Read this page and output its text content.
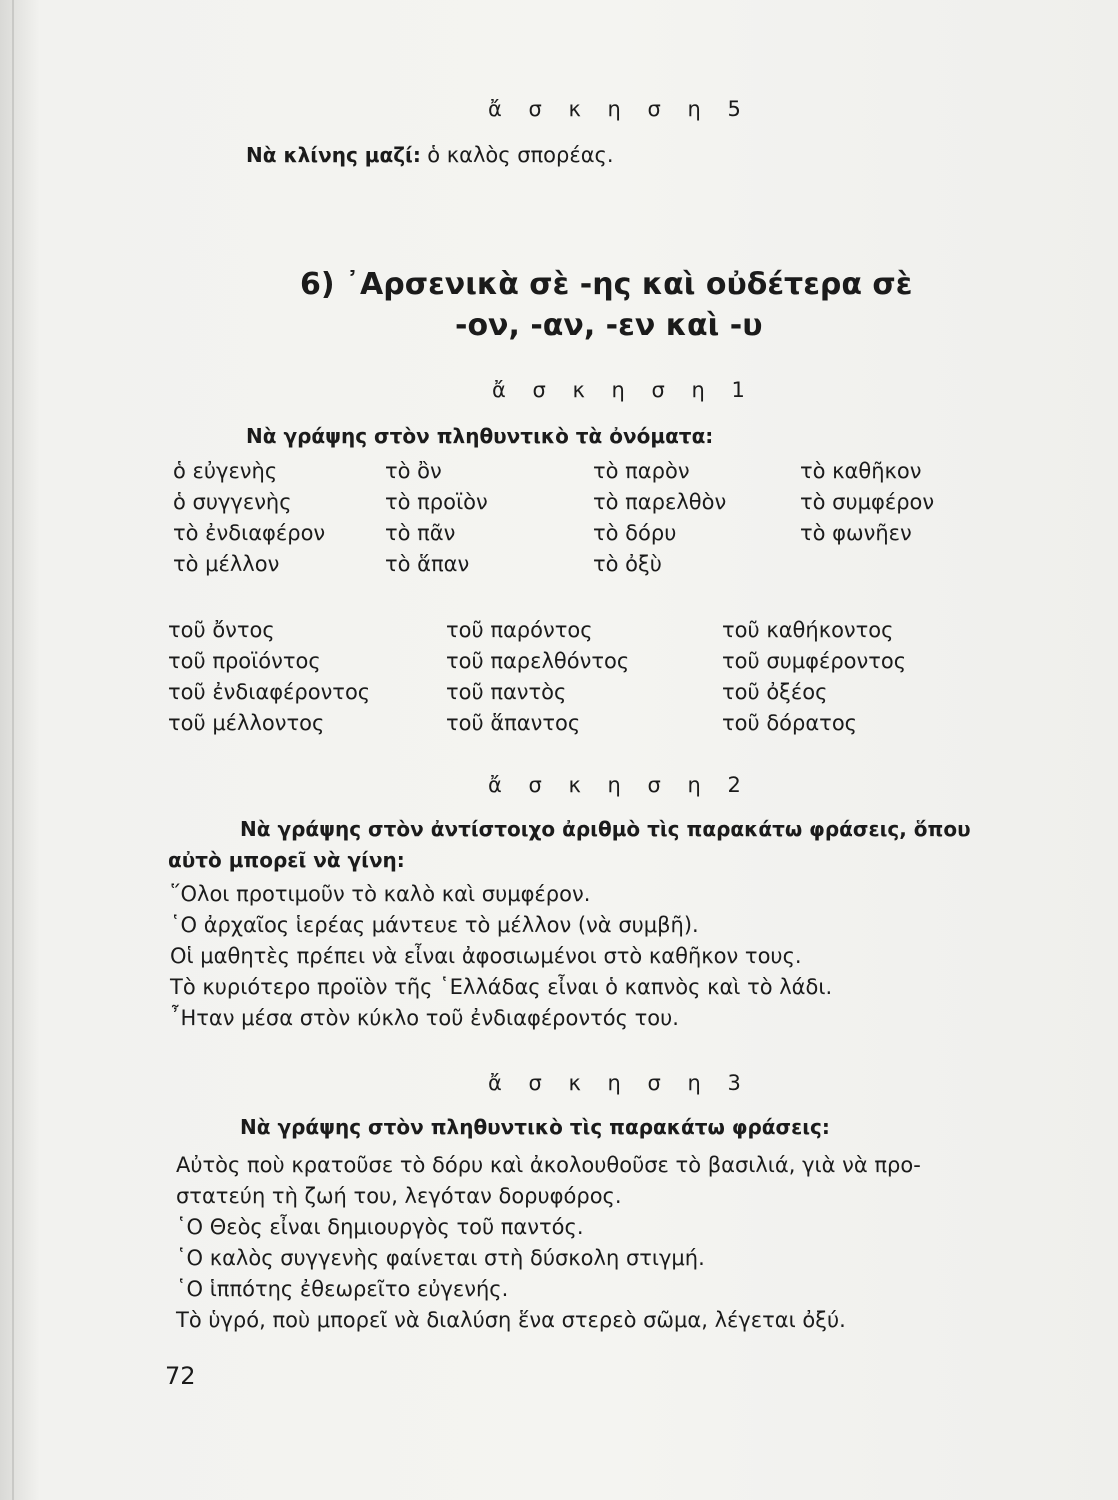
ἄ σ κ η σ η 5
Νὰ κλίνης μαζί: ὁ καλὸς σπορέας.
6) ᾿Αρσενικὰ σὲ -ης καὶ οὐδέτερα σὲ
-ον, -αν, -εν καὶ -υ
ἄ σ κ η σ η 1
Νὰ γράψης στὸν πληθυντικὸ τὰ ὀνόματα:
ὁ εὐγενὴς
ὁ συγγενὴς
τὸ ἐνδιαφέρον
τὸ μέλλον
τὸ ὂν
τὸ προϊὸν
τὸ πᾶν
τὸ ἅπαν
τὸ παρὸν
τὸ παρελθὸν
τὸ δόρυ
τὸ ὀξὺ
τὸ καθῆκον
τὸ συμφέρον
τὸ φωνῆεν
τοῦ ὄντος
τοῦ προϊόντος
τοῦ ἐνδιαφέροντος
τοῦ μέλλοντος
τοῦ παρόντος
τοῦ παρελθόντος
τοῦ παντὸς
τοῦ ἅπαντος
τοῦ καθήκοντος
τοῦ συμφέροντος
τοῦ ὀξέος
τοῦ δόρατος
ἄ σ κ η σ η 2
Νὰ γράψης στὸν ἀντίστοιχο ἀριθμὸ τὶς παρακάτω φράσεις, ὅπου
αὐτὸ μπορεῖ νὰ γίνη:
῞Ολοι προτιμοῦν τὸ καλὸ καὶ συμφέρον.
῾Ο ἀρχαῖος ἱερέας μάντευε τὸ μέλλον (νὰ συμβῆ).
Οἱ μαθητὲς πρέπει νὰ εἶναι ἀφοσιωμένοι στὸ καθῆκον τους.
Τὸ κυριότερο προϊὸν τῆς ῾Ελλάδας εἶναι ὁ καπνὸς καὶ τὸ λάδι.
῏Ηταν μέσα στὸν κύκλο τοῦ ἐνδιαφέροντός του.
ἄ σ κ η σ η 3
Νὰ γράψης στὸν πληθυντικὸ τὶς παρακάτω φράσεις:
Αὐτὸς ποὺ κρατοῦσε τὸ δόρυ καὶ ἀκολουθοῦσε τὸ βασιλιά, γιὰ νὰ προ-
στατεύη τὴ ζωή του, λεγόταν δορυφόρος.
῾Ο Θεὸς εἶναι δημιουργὸς τοῦ παντός.
῾Ο καλὸς συγγενὴς φαίνεται στὴ δύσκολη στιγμή.
῾Ο ἱππότης ἐθεωρεῖτο εὐγενής.
Τὸ ὑγρό, ποὺ μπορεῖ νὰ διαλύση ἕνα στερεὸ σῶμα, λέγεται ὀξύ.
72
